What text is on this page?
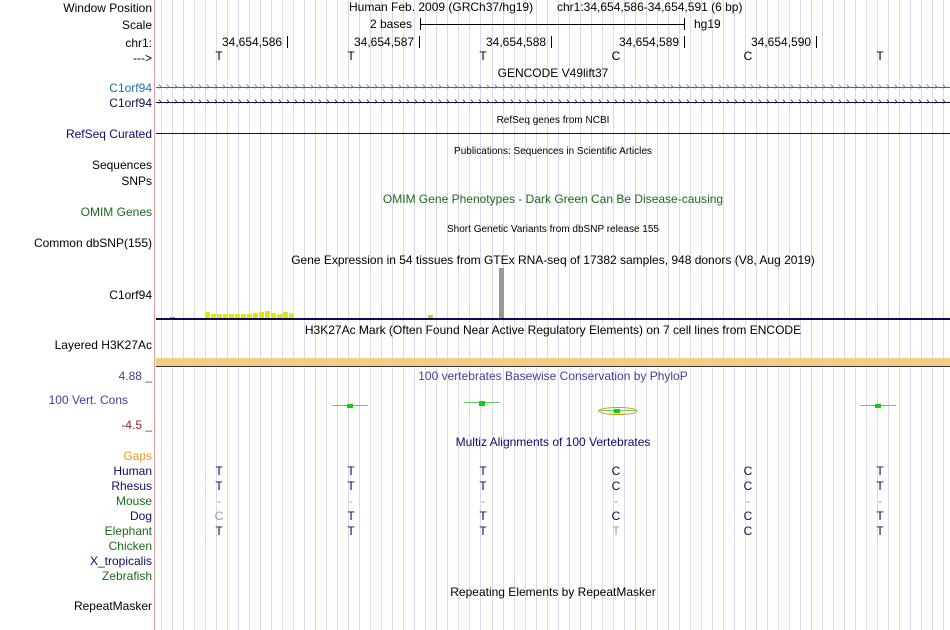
Window Position
Scale
chr1:
--->
Human Feb. 2009 (GRCh37/hg19) chr1:34,654,586-34,654,591 (6 bp)
2 bases	hg19
34,654,586	34,654,587	34,654,588	34,654,589	34,654,590
T	T	T	C	C	T
GENCODE V49lift37
C1orf94
C1orf94
› › › › › › › › › › › › › › › › › › › › › › › › › › › › › › › › › › › › › › › › › › › › › › › › › › › › › › › › › › › › › › › › › › › › › › › › › › › › › › › › › › › › › › › › › › › › › › › › › › ›
› › › › › › › › › › › › › › › › › › › › › › › › › › › › › › › › › › › › › › › › › › › › › › › › › › › › › › › › › › › › › › › › › › › › › › › › › › › › › › › › › › › › › › › › › › › › › › › › › › ›
RefSeq genes from NCBI
RefSeq Curated
Publications: Sequences in Scientific Articles
Sequences
SNPs
OMIM Gene Phenotypes - Dark Green Can Be Disease-causing
OMIM Genes
Short Genetic Variants from dbSNP release 155
Common dbSNP(155)
Gene Expression in 54 tissues from GTEx RNA-seq of 17382 samples, 948 donors (V8, Aug 2019)
C1orf94
H3K27Ac Mark (Often Found Near Active Regulatory Elements) on 7 cell lines from ENCODE
Layered H3K27Ac
100 vertebrates Basewise Conservation by PhyloP
4.88 _
100 Vert. Cons
-4.5 _
Multiz Alignments of 100 Vertebrates
Gaps
Human	T	T	T	C	C	T
Rhesus	T	T	T	C	C	T
Mouse	-	-	-	-	-	-
Dog	C	T	T	C	C	T
Elephant	T	T	T	T	C	T
Chicken
X_tropicalis
Zebrafish
Repeating Elements by RepeatMasker
RepeatMasker
